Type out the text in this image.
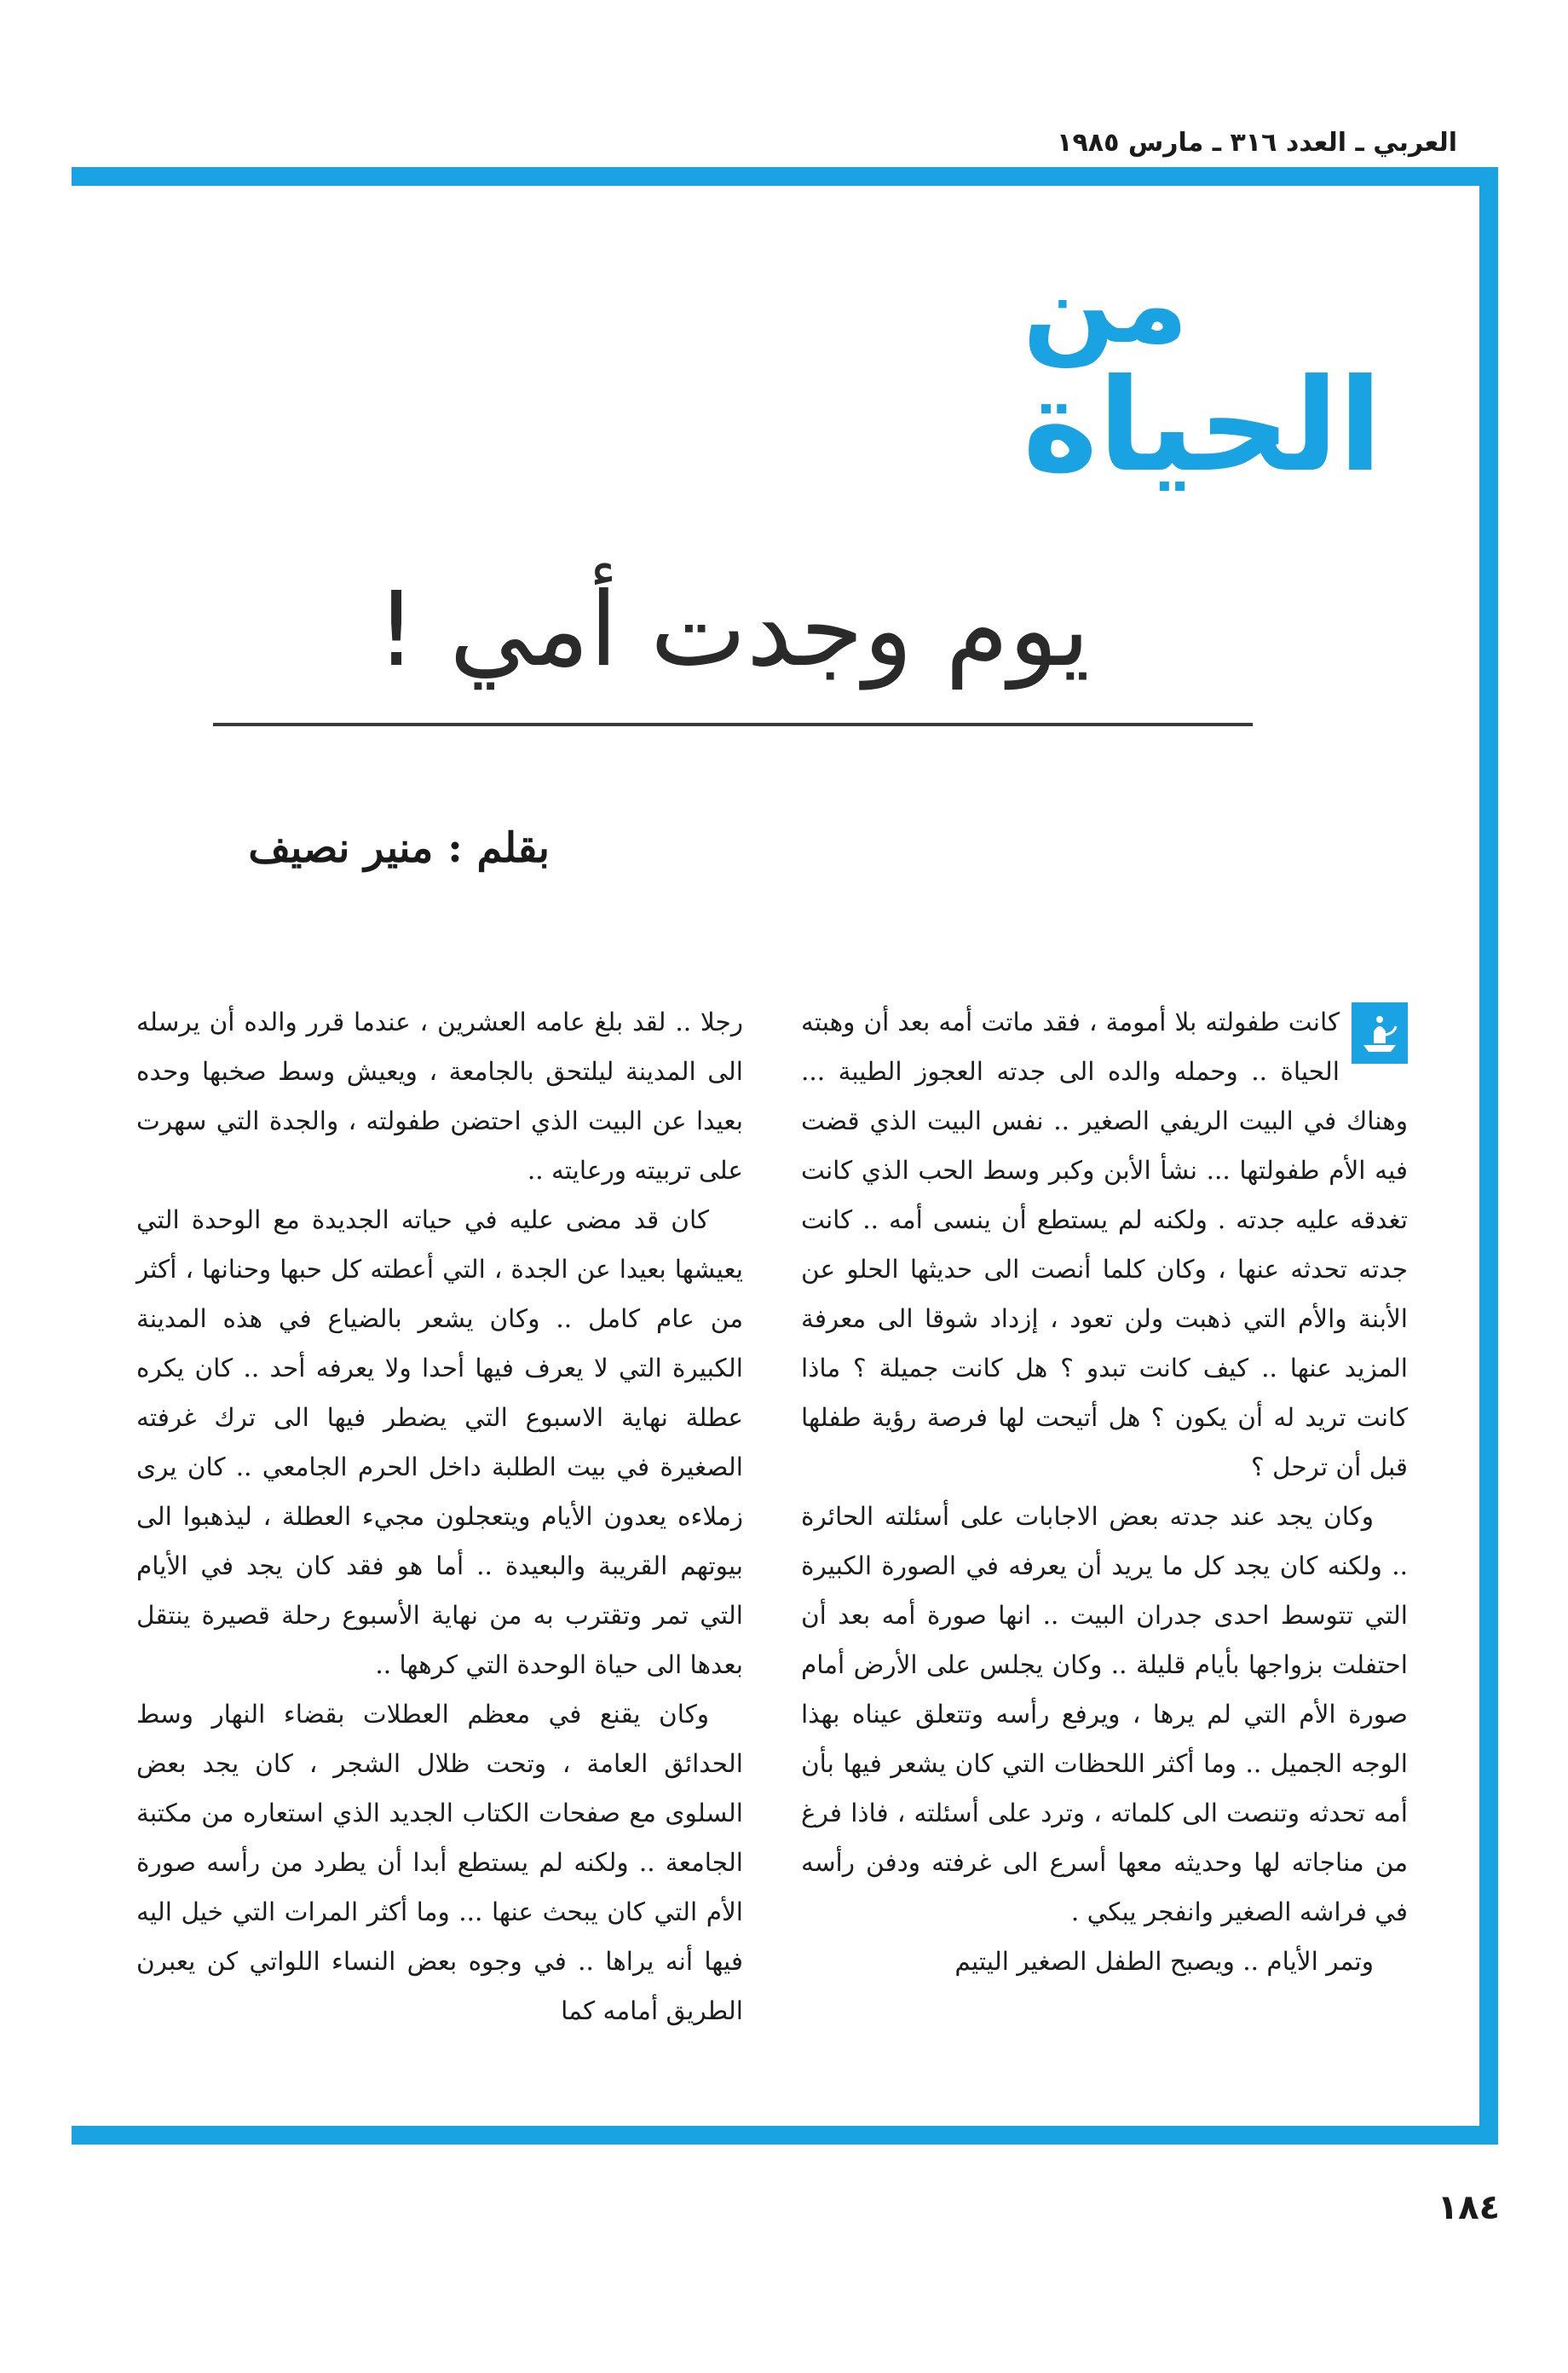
العربي ـ العدد ٣١٦ ـ مارس ١٩٨٥
من
الحياة
يوم وجدت أمي !
بقلم : منير نصيف

كانت طفولته بلا أمومة ، فقد ماتت أمه بعد أن وهبته الحياة .. وحمله والده الى جدته العجوز الطيبة ... وهناك في البيت الريفي الصغير .. نفس البيت الذي قضت فيه الأم طفولتها ... نشأ الأبن وكبر وسط الحب الذي كانت تغدقه عليه جدته . ولكنه لم يستطع أن ينسى أمه .. كانت جدته تحدثه عنها ، وكان كلما أنصت الى حديثها الحلو عن الأبنة والأم التي ذهبت ولن تعود ، إزداد شوقا الى معرفة المزيد عنها .. كيف كانت تبدو ؟ هل كانت جميلة ؟ ماذا كانت تريد له أن يكون ؟ هل أتيحت لها فرصة رؤية طفلها قبل أن ترحل ؟

وكان يجد عند جدته بعض الاجابات على أسئلته الحائرة .. ولكنه كان يجد كل ما يريد أن يعرفه في الصورة الكبيرة التي تتوسط احدى جدران البيت .. انها صورة أمه بعد أن احتفلت بزواجها بأيام قليلة .. وكان يجلس على الأرض أمام صورة الأم التي لم يرها ، ويرفع رأسه وتتعلق عيناه بهذا الوجه الجميل .. وما أكثر اللحظات التي كان يشعر فيها بأن أمه تحدثه وتنصت الى كلماته ، وترد على أسئلته ، فاذا فرغ من مناجاته لها وحديثه معها أسرع الى غرفته ودفن رأسه في فراشه الصغير وانفجر يبكي .

وتمر الأيام .. ويصبح الطفل الصغير اليتيم

رجلا .. لقد بلغ عامه العشرين ، عندما قرر والده أن يرسله الى المدينة ليلتحق بالجامعة ، ويعيش وسط صخبها وحده بعيدا عن البيت الذي احتضن طفولته ، والجدة التي سهرت على تربيته ورعايته ..

كان قد مضى عليه في حياته الجديدة مع الوحدة التي يعيشها بعيدا عن الجدة ، التي أعطته كل حبها وحنانها ، أكثر من عام كامل .. وكان يشعر بالضياع في هذه المدينة الكبيرة التي لا يعرف فيها أحدا ولا يعرفه أحد .. كان يكره عطلة نهاية الاسبوع التي يضطر فيها الى ترك غرفته الصغيرة في بيت الطلبة داخل الحرم الجامعي .. كان يرى زملاءه يعدون الأيام ويتعجلون مجيء العطلة ، ليذهبوا الى بيوتهم القريبة والبعيدة .. أما هو فقد كان يجد في الأيام التي تمر وتقترب به من نهاية الأسبوع رحلة قصيرة ينتقل بعدها الى حياة الوحدة التي كرهها ..

وكان يقنع في معظم العطلات بقضاء النهار وسط الحدائق العامة ، وتحت ظلال الشجر ، كان يجد بعض السلوى مع صفحات الكتاب الجديد الذي استعاره من مكتبة الجامعة .. ولكنه لم يستطع أبدا أن يطرد من رأسه صورة الأم التي كان يبحث عنها ... وما أكثر المرات التي خيل اليه فيها أنه يراها .. في وجوه بعض النساء اللواتي كن يعبرن الطريق أمامه كما

١٨٤
